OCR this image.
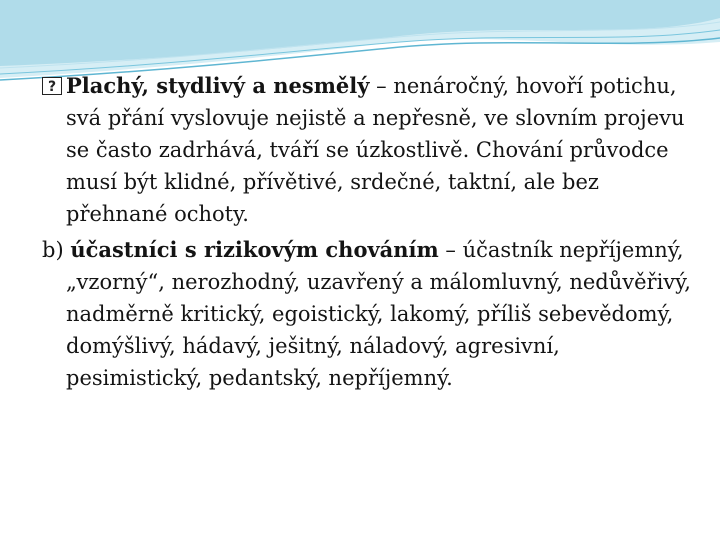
?Plachý, stydlivý a nesmělý – nenáročný, hovoří potichu, svá přání vyslovuje nejistě a nepřesně, ve slovním projevu se často zadrhává, tváří se úzkostlivě. Chování průvodce musí být klidné, přívětivé, srdečné, taktní, ale bez přehnané ochoty.

b) účastníci s rizikovým chováním – účastník nepříjemný, „vzorný“, nerozhodný, uzavřený a málomluvný, nedůvěřivý, nadměrně kritický, egoistický, lakomý, příliš sebevědomý, domýšlivý, hádavý, ješitný, náladový, agresivní, pesimistický, pedantský, nepříjemný.
